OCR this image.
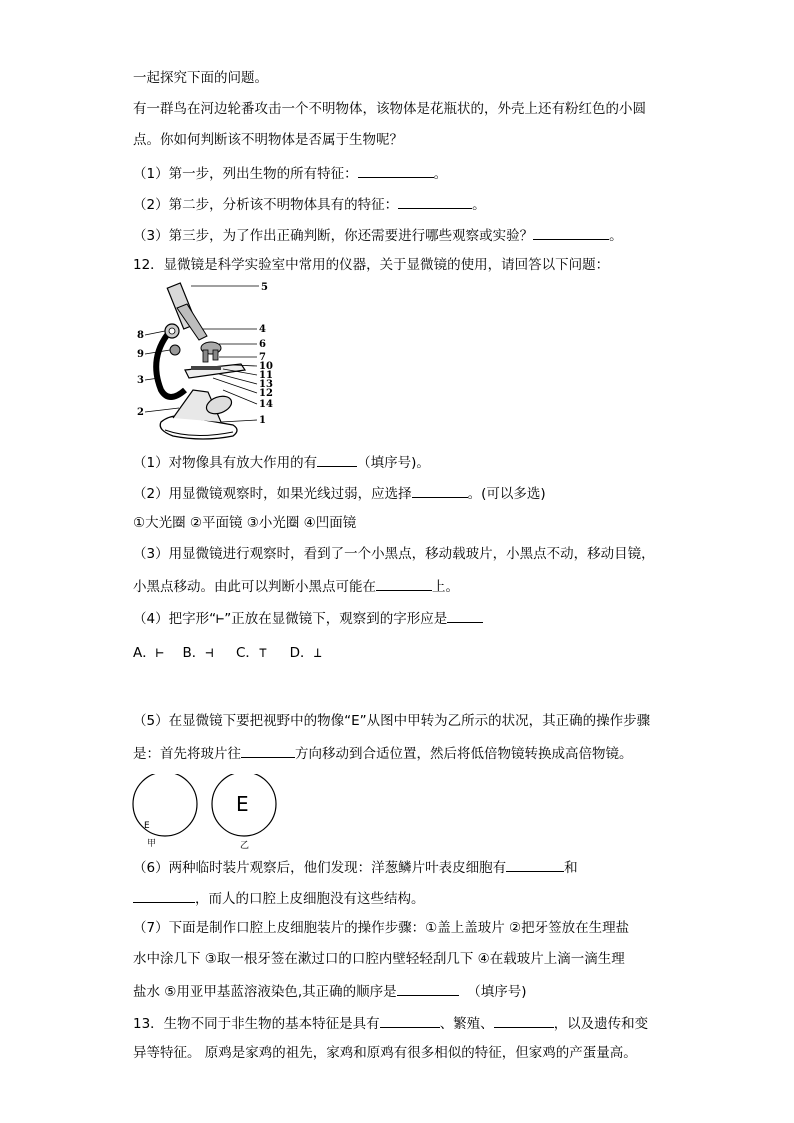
一起探究下面的问题。
有一群鸟在河边轮番攻击一个不明物体，该物体是花瓶状的，外壳上还有粉红色的小圆
点。你如何判断该不明物体是否属于生物呢？
（1）第一步，列出生物的所有特征：	。
（2）第二步，分析该不明物体具有的特征：	。
（3）第三步，为了作出正确判断，你还需要进行哪些观察或实验？	。
12．显微镜是科学实验室中常用的仪器，关于显微镜的使用，请回答以下问题：
5
4
6
7
10
11
13
12
14
1
8
9
3
2
（1）对物像具有放大作用的有	（填序号)。
（2）用显微镜观察时，如果光线过弱，应选择	。(可以多选)
①大光圈 ②平面镜 ③小光圈 ④凹面镜
（3）用显微镜进行观察时，看到了一个小黑点，移动载玻片，小黑点不动，移动目镜，
小黑点移动。由此可以判断小黑点可能在	上。
（4）把字形“⊢”正放在显微镜下，观察到的字形应是
A．⊢ B．⊣ C．⊤ D．⊥
（5）在显微镜下要把视野中的物像“E”从图中甲转为乙所示的状况，其正确的操作步骤
是：首先将玻片往	方向移动到合适位置，然后将低倍物镜转换成高倍物镜。
E
甲
E
乙
（6）两种临时装片观察后，他们发现：洋葱鳞片叶表皮细胞有	和
，而人的口腔上皮细胞没有这些结构。
（7）下面是制作口腔上皮细胞装片的操作步骤：①盖上盖玻片 ②把牙签放在生理盐
水中涂几下 ③取一根牙签在漱过口的口腔内壁轻轻刮几下 ④在载玻片上滴一滴生理
盐水 ⑤用亚甲基蓝溶液染色,其正确的顺序是	（填序号)
13．生物不同于非生物的基本特征是具有	、繁殖、	，以及遗传和变
异等特征。 原鸡是家鸡的祖先，家鸡和原鸡有很多相似的特征，但家鸡的产蛋量高。
